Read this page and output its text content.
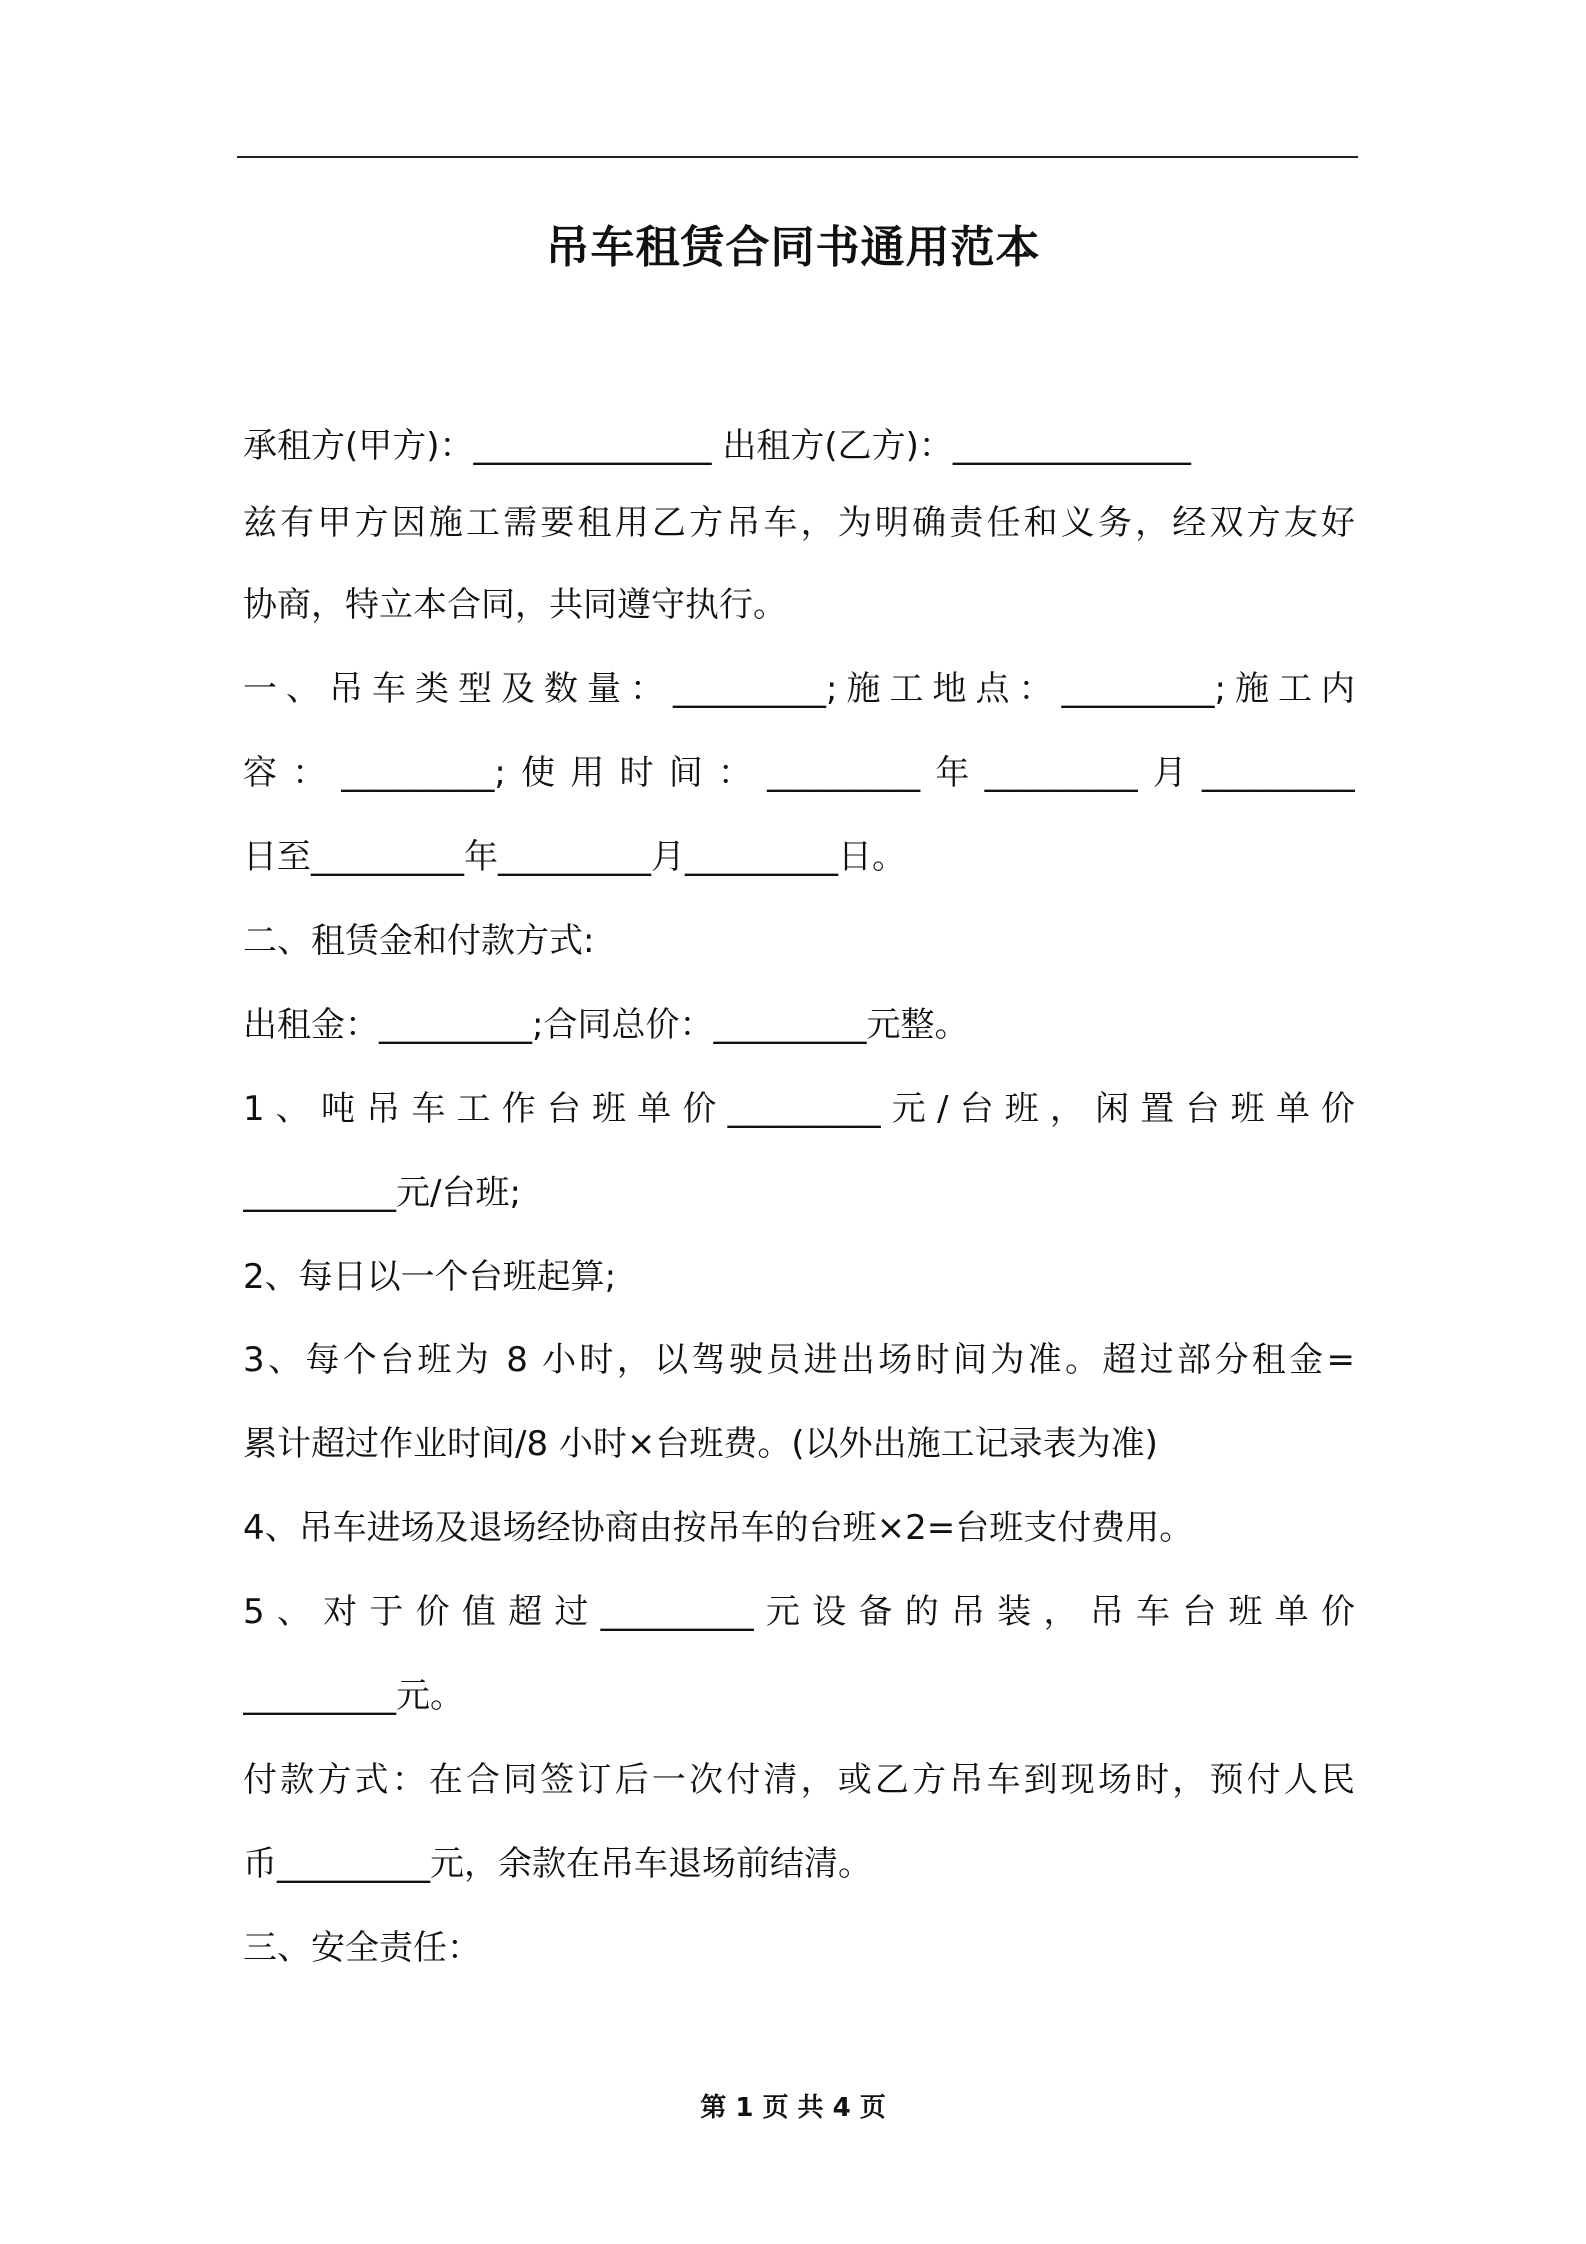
吊车租赁合同书通用范本
承租方(甲方)：______________ 出租方(乙方)：______________
兹有甲方因施工需要租用乙方吊车，为明确责任和义务，经双方友好
协商，特立本合同，共同遵守执行。
一、吊车类型及数量：_________;施工地点：_________;施工内
容：_________;使用时间：_________年_________月_________
日至_________年_________月_________日。
二、租赁金和付款方式:
出租金：_________;合同总价：_________元整。
1、吨吊车工作台班单价_________元/台班，闲置台班单价
_________元/台班;
2、每日以一个台班起算;
3、每个台班为 8 小时，以驾驶员进出场时间为准。超过部分租金=
累计超过作业时间/8 小时×台班费。(以外出施工记录表为准)
4、吊车进场及退场经协商由按吊车的台班×2=台班支付费用。
5、对于价值超过_________元设备的吊装，吊车台班单价
_________元。
付款方式：在合同签订后一次付清，或乙方吊车到现场时，预付人民
币_________元，余款在吊车退场前结清。
三、安全责任：
第 1 页 共 4 页
